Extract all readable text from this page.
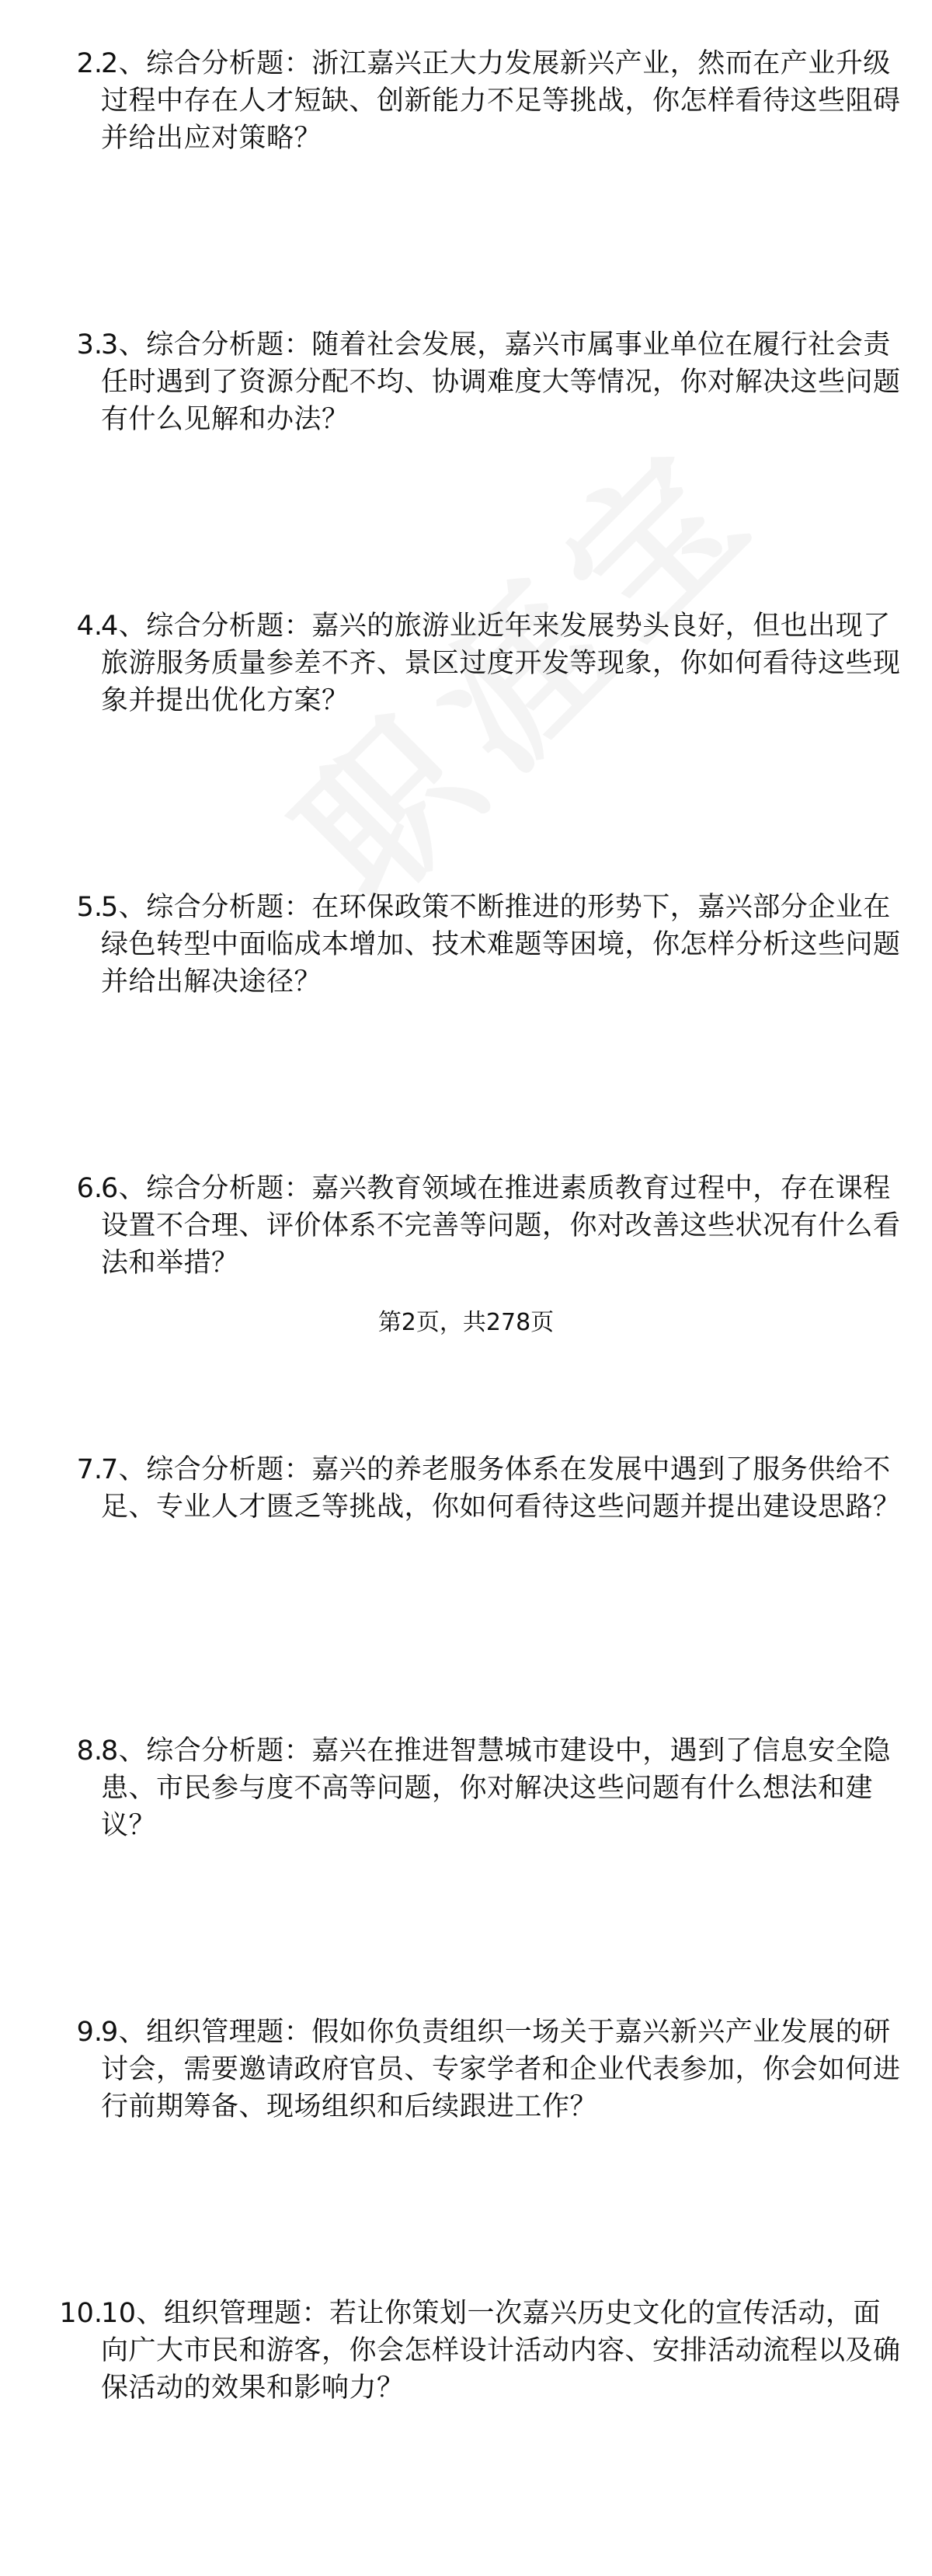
2.
2、综合分析题：浙江嘉兴正大力发展新兴产业，然而在产业升级过程中存在人才短缺、创新能力不足等挑战，你怎样看待这些阻碍并给出应对策略？
3.
3、综合分析题：随着社会发展，嘉兴市属事业单位在履行社会责任时遇到了资源分配不均、协调难度大等情况，你对解决这些问题有什么见解和办法？
4.
4、综合分析题：嘉兴的旅游业近年来发展势头良好，但也出现了旅游服务质量参差不齐、景区过度开发等现象，你如何看待这些现象并提出优化方案？
5.
5、综合分析题：在环保政策不断推进的形势下，嘉兴部分企业在绿色转型中面临成本增加、技术难题等困境，你怎样分析这些问题并给出解决途径？
6.
6、综合分析题：嘉兴教育领域在推进素质教育过程中，存在课程设置不合理、评价体系不完善等问题，你对改善这些状况有什么看法和举措？
7.
7、综合分析题：嘉兴的养老服务体系在发展中遇到了服务供给不足、专业人才匮乏等挑战，你如何看待这些问题并提出建设思路？
8.
8、综合分析题：嘉兴在推进智慧城市建设中，遇到了信息安全隐患、市民参与度不高等问题，你对解决这些问题有什么想法和建议？
9.
9、组织管理题：假如你负责组织一场关于嘉兴新兴产业发展的研讨会，需要邀请政府官员、专家学者和企业代表参加，你会如何进行前期筹备、现场组织和后续跟进工作？
10.
10、组织管理题：若让你策划一次嘉兴历史文化的宣传活动，面向广大市民和游客，你会怎样设计活动内容、安排活动流程以及确保活动的效果和影响力？
第2页，共278页
